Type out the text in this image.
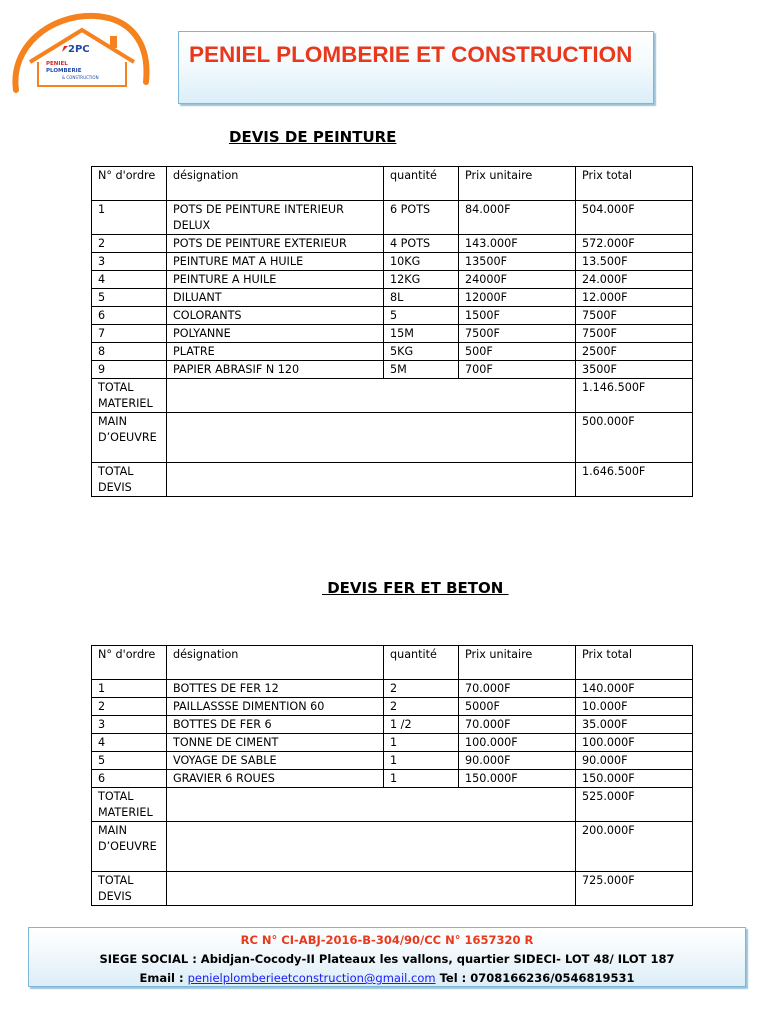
2PC
PENIEL
PLOMBERIE
& CONSTRUCTION
PENIEL PLOMBERIE ET CONSTRUCTION
DEVIS DE PEINTURE
N° d'ordre	désignation	quantité	Prix unitaire	Prix total
1	POTS DE PEINTURE INTERIEUR DELUX	6 POTS	84.000F	504.000F
2	POTS DE PEINTURE EXTERIEUR	4 POTS	143.000F	572.000F
3	PEINTURE MAT A HUILE	10KG	13500F	13.500F
4	PEINTURE A HUILE	12KG	24000F	24.000F
5	DILUANT	8L	12000F	12.000F
6	COLORANTS	5	1500F	7500F
7	POLYANNE	15M	7500F	7500F
8	PLATRE	5KG	500F	2500F
9	PAPIER ABRASIF N 120	5M	700F	3500F
TOTAL MATERIEL				1.146.500F
MAIN D’OEUVRE				500.000F
TOTAL DEVIS				1.646.500F
DEVIS FER ET BETON
N° d'ordre	désignation	quantité	Prix unitaire	Prix total
1	BOTTES DE FER 12	2	70.000F	140.000F
2	PAILLASSSE DIMENTION 60	2	5000F	10.000F
3	BOTTES DE FER 6	1 /2	70.000F	35.000F
4	TONNE DE CIMENT	1	100.000F	100.000F
5	VOYAGE DE SABLE	1	90.000F	90.000F
6	GRAVIER 6 ROUES	1	150.000F	150.000F
TOTAL MATERIEL				525.000F
MAIN D’OEUVRE				200.000F
TOTAL DEVIS				725.000F
RC N° CI-ABJ-2016-B-304/90/CC N° 1657320 R
SIEGE SOCIAL : Abidjan-Cocody-II Plateaux les vallons, quartier SIDECI- LOT 48/ ILOT 187
Email : penielplomberieetconstruction@gmail.com Tel : 0708166236/0546819531
